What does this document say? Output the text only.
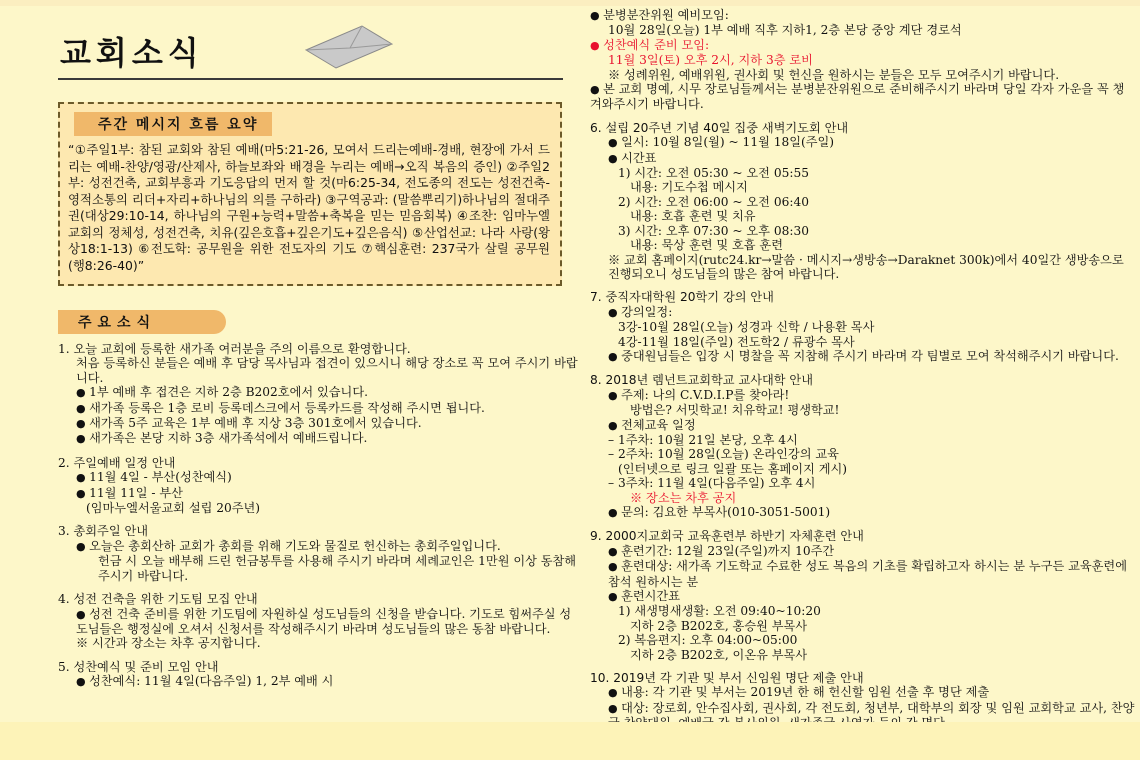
교회소식
주간 메시지 흐름 요약
“①주일1부: 참된 교회와 참된 예배(마5:21-26, 모여서 드리는예배-경배, 현장에 가서 드리는 예배-찬양/영광/산제사, 하늘보좌와 배경을 누리는 예배→오직 복음의 증인) ②주일2부: 성전건축, 교회부흥과 기도응답의 먼저 할 것(마6:25-34, 전도종의 전도는 성전건축- 영적소통의 리더+자리+하나님의 의를 구하라) ③구역공과: (말씀뿌리기)하나님의 절대주권(대상29:10-14, 하나님의 구원+능력+말씀+축복을 믿는 믿음회복) ④조찬: 임마누엘 교회의 정체성, 성전건축, 치유(깊은호흡+깊은기도+깊은음식) ⑤산업선교: 나라 사랑(왕상18:1-13) ⑥전도학: 공무원을 위한 전도자의 기도 ⑦핵심훈련: 237국가 살릴 공무원(행8:26-40)”
주요소식
1. 오늘 교회에 등록한 새가족 여러분을 주의 이름으로 환영합니다.
처음 등록하신 분들은 예배 후 담당 목사님과 접견이 있으시니 해당 장소로 꼭 모여 주시기 바랍니다.
● 1부 예배 후 접견은 지하 2층 B202호에서 있습니다.
● 새가족 등록은 1층 로비 등록데스크에서 등록카드를 작성해 주시면 됩니다.
● 새가족 5주 교육은 1부 예배 후 지상 3층 301호에서 있습니다.
● 새가족은 본당 지하 3층 새가족석에서 예배드립니다.
2. 주일예배 일정 안내
● 11월 4일 - 부산(성찬예식)
● 11월 11일 - 부산
(임마누엘서울교회 설립 20주년)
3. 총회주일 안내
● 오늘은 총회산하 교회가 총회를 위해 기도와 물질로 헌신하는 총회주일입니다.
헌금 시 오늘 배부해 드린 헌금봉투를 사용해 주시기 바라며 세례교인은 1만원 이상 동참해 주시기 바랍니다.
4. 성전 건축을 위한 기도팀 모집 안내
● 성전 건축 준비를 위한 기도팀에 자원하실 성도님들의 신청을 받습니다. 기도로 힘써주실 성도님들은 행정실에 오셔서 신청서를 작성해주시기 바라며 성도님들의 많은 동참 바랍니다.
※ 시간과 장소는 차후 공지합니다.
5. 성찬예식 및 준비 모임 안내
● 성찬예식: 11월 4일(다음주일) 1, 2부 예배 시
● 분병분잔위원 예비모임:
10월 28일(오늘) 1부 예배 직후 지하1, 2층 본당 중앙 계단 경로석
● 성찬예식 준비 모임:
11월 3일(토) 오후 2시, 지하 3층 로비
※ 성례위원, 예배위원, 권사회 및 헌신을 원하시는 분들은 모두 모여주시기 바랍니다.
● 본 교회 명예, 시무 장로님들께서는 분병분잔위원으로 준비해주시기 바라며 당일 각자 가운을 꼭 챙겨와주시기 바랍니다.
6. 설립 20주년 기념 40일 집중 새벽기도회 안내
● 일시: 10월 8일(월) ~ 11월 18일(주일)
● 시간표
1) 시간: 오전 05:30 ~ 오전 05:55
내용: 기도수첩 메시지
2) 시간: 오전 06:00 ~ 오전 06:40
내용: 호흡 훈련 및 치유
3) 시간: 오후 07:30 ~ 오후 08:30
내용: 묵상 훈련 및 호흡 훈련
※ 교회 홈페이지(rutc24.kr→말씀 · 메시지→생방송→Daraknet 300k)에서 40일간 생방송으로 진행되오니 성도님들의 많은 참여 바랍니다.
7. 중직자대학원 20학기 강의 안내
● 강의일정:
3강-10월 28일(오늘) 성경과 신학 / 나용환 목사
4강-11월 18일(주일) 전도학2 / 류광수 목사
● 중대원님들은 입장 시 명찰을 꼭 지참해 주시기 바라며 각 팀별로 모여 착석해주시기 바랍니다.
8. 2018년 렘넌트교회학교 교사대학 안내
● 주제: 나의 C.V.D.I.P를 찾아라!
방법은? 서밋학교! 치유학교! 평생학교!
● 전체교육 일정
– 1주차: 10월 21일 본당, 오후 4시
– 2주차: 10월 28일(오늘) 온라인강의 교육
(인터넷으로 링크 일괄 또는 홈페이지 게시)
– 3주차: 11월 4일(다음주일) 오후 4시
※ 장소는 차후 공지
● 문의: 김요한 부목사(010-3051-5001)
9. 2000지교회국 교육훈련부 하반기 자체훈련 안내
● 훈련기간: 12월 23일(주일)까지 10주간
● 훈련대상: 새가족 기도학교 수료한 성도 복음의 기초를 확립하고자 하시는 분 누구든 교육훈련에 참석 원하시는 분
● 훈련시간표
1) 새생명새생활: 오전 09:40~10:20
지하 2층 B202호, 홍승원 부목사
2) 복음편지: 오후 04:00~05:00
지하 2층 B202호, 이온유 부목사
10. 2019년 각 기관 및 부서 신임원 명단 제출 안내
● 내용: 각 기관 및 부서는 2019년 한 해 헌신할 임원 선출 후 명단 제출
● 대상: 장로회, 안수집사회, 권사회, 각 전도회, 청년부, 대학부의 회장 및 임원 교회학교 교사, 찬양
